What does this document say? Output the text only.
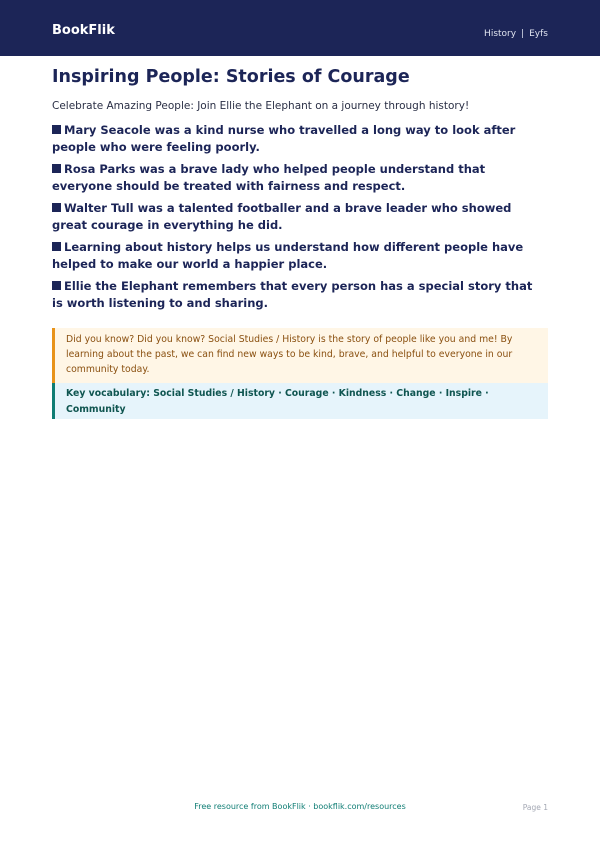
BookFlik	History | Eyfs
Inspiring People: Stories of Courage
Celebrate Amazing People: Join Ellie the Elephant on a journey through history!
Mary Seacole was a kind nurse who travelled a long way to look after people who were feeling poorly.
Rosa Parks was a brave lady who helped people understand that everyone should be treated with fairness and respect.
Walter Tull was a talented footballer and a brave leader who showed great courage in everything he did.
Learning about history helps us understand how different people have helped to make our world a happier place.
Ellie the Elephant remembers that every person has a special story that is worth listening to and sharing.
Did you know? Did you know? Social Studies / History is the story of people like you and me! By learning about the past, we can find new ways to be kind, brave, and helpful to everyone in our community today.
Key vocabulary: Social Studies / History · Courage · Kindness · Change · Inspire · Community
Free resource from BookFlik · bookflik.com/resources	Page 1
